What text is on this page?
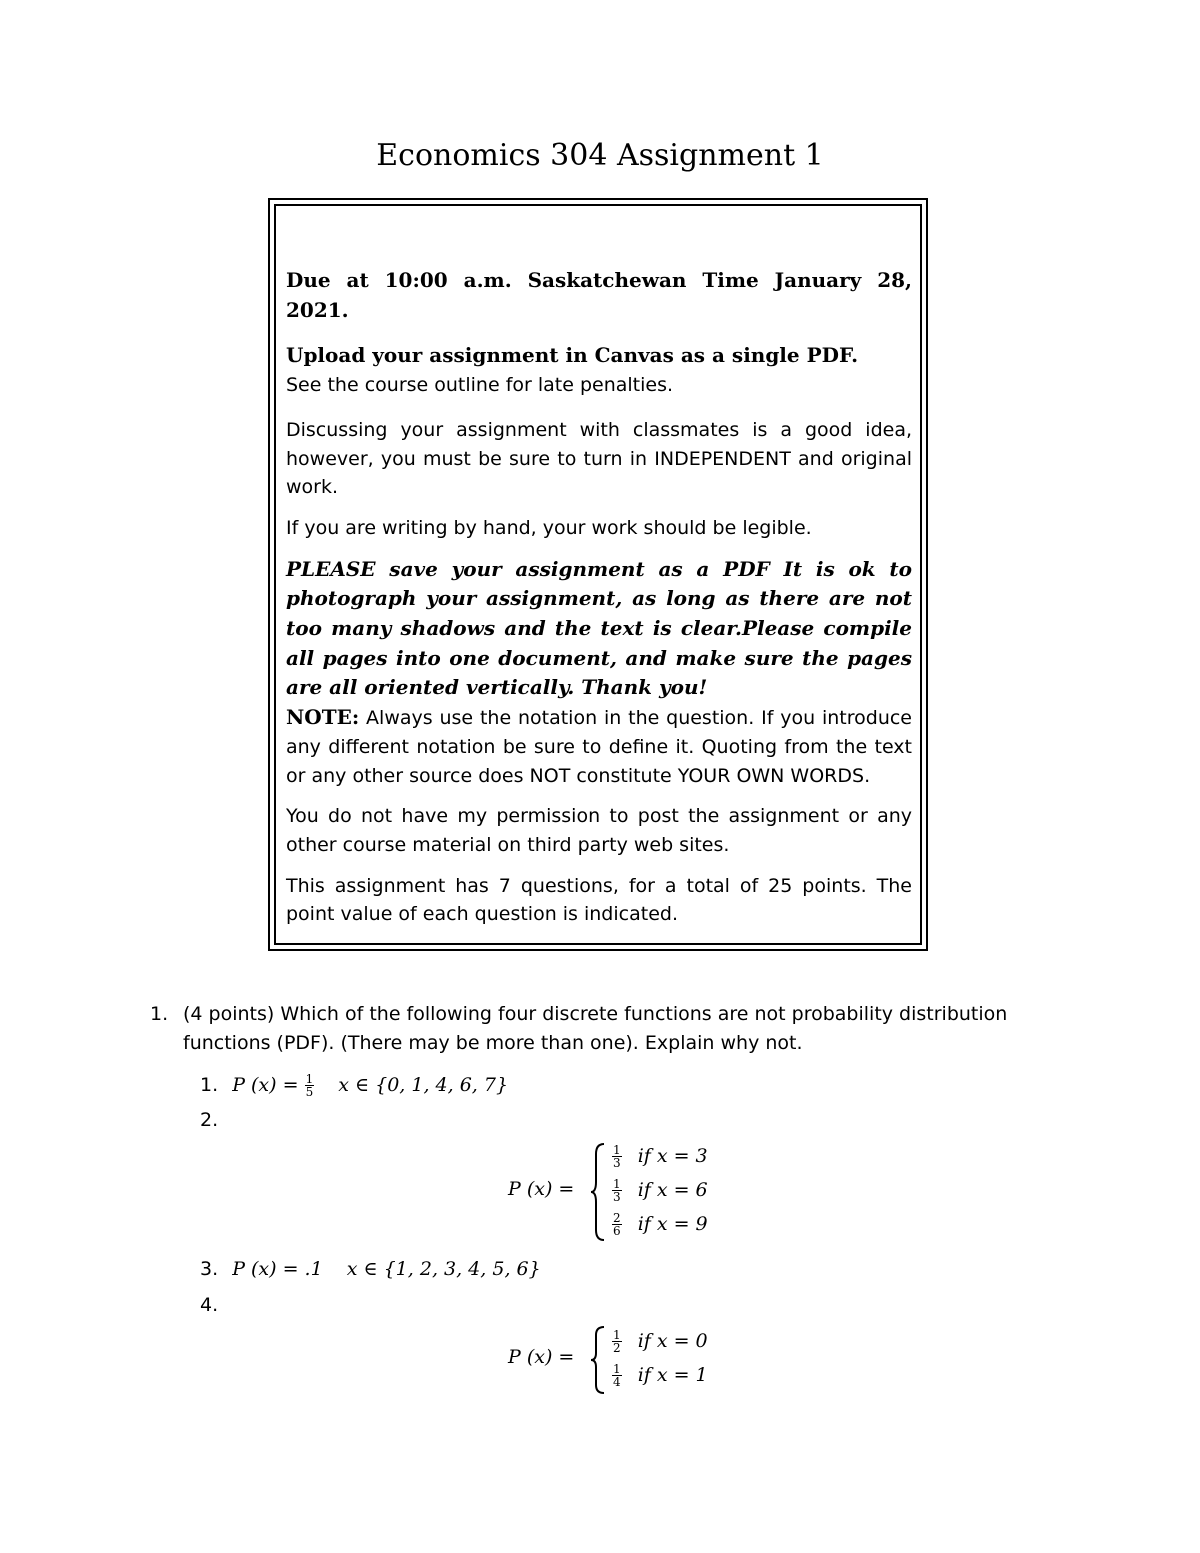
Economics 304 Assignment 1

Due at 10:00 a.m. Saskatchewan Time January 28, 2021.

Upload your assignment in Canvas as a single PDF.

See the course outline for late penalties.

Discussing your assignment with classmates is a good idea, however, you must be sure to turn in INDEPENDENT and original work.

If you are writing by hand, your work should be legible.

PLEASE save your assignment as a PDF It is ok to photograph your assignment, as long as there are not too many shadows and the text is clear.Please compile all pages into one document, and make sure the pages are all oriented vertically. Thank you!

NOTE: Always use the notation in the question. If you introduce any different notation be sure to define it. Quoting from the text or any other source does NOT constitute YOUR OWN WORDS.

You do not have my permission to post the assignment or any other course material on third party web sites.

This assignment has 7 questions, for a total of 25 points. The point value of each question is indicated.

1. (4 points) Which of the following four discrete functions are not probability distribution functions (PDF). (There may be more than one). Explain why not.
1. P $(x) = \frac{1}{5}$ x ∈ {0, 1, 4, 6, 7}
2.
P (x) =
$\frac{1}{3}$ if x = 3
$\frac{1}{3}$ if x = 6
$\frac{2}{6}$ if x = 9
3. P (x) = .1 x ∈ {1, 2, 3, 4, 5, 6}
4.
P (x) =
$\frac{1}{2}$ if x = 0
$\frac{1}{4}$ if x = 1
